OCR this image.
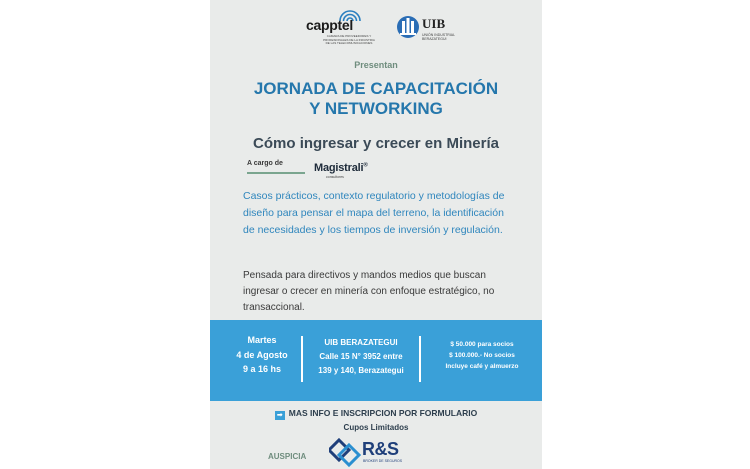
capptel
CÁMARA DE PROVEEDORES Y
PROFESIONALES DE LA INDUSTRIA
DE LAS TELECOMUNICACIONES
UIB
UNIÓN INDUSTRIAL
BERAZATEGUI
Presentan
JORNADA DE CAPACITACIÓN
Y NETWORKING
Cómo ingresar y crecer en Minería
A cargo de	Magistrali®
consultores
Casos prácticos, contexto regulatorio y metodologías de diseño para pensar el mapa del terreno, la identificación de necesidades y los tiempos de inversión y regulación.
Pensada para directivos y mandos medios que buscan ingresar o crecer en minería con enfoque estratégico, no transaccional.
Martes
4 de Agosto
9 a 16 hs
UIB BERAZATEGUI
Calle 15 N° 3952 entre
139 y 140, Berazategui
$ 50.000 para socios
$ 100.000.- No socios
Incluye café y almuerzo
➡ MAS INFO E INSCRIPCION POR FORMULARIO
Cupos Limitados
AUSPICIA	R&S
BROKER DE SEGUROS
